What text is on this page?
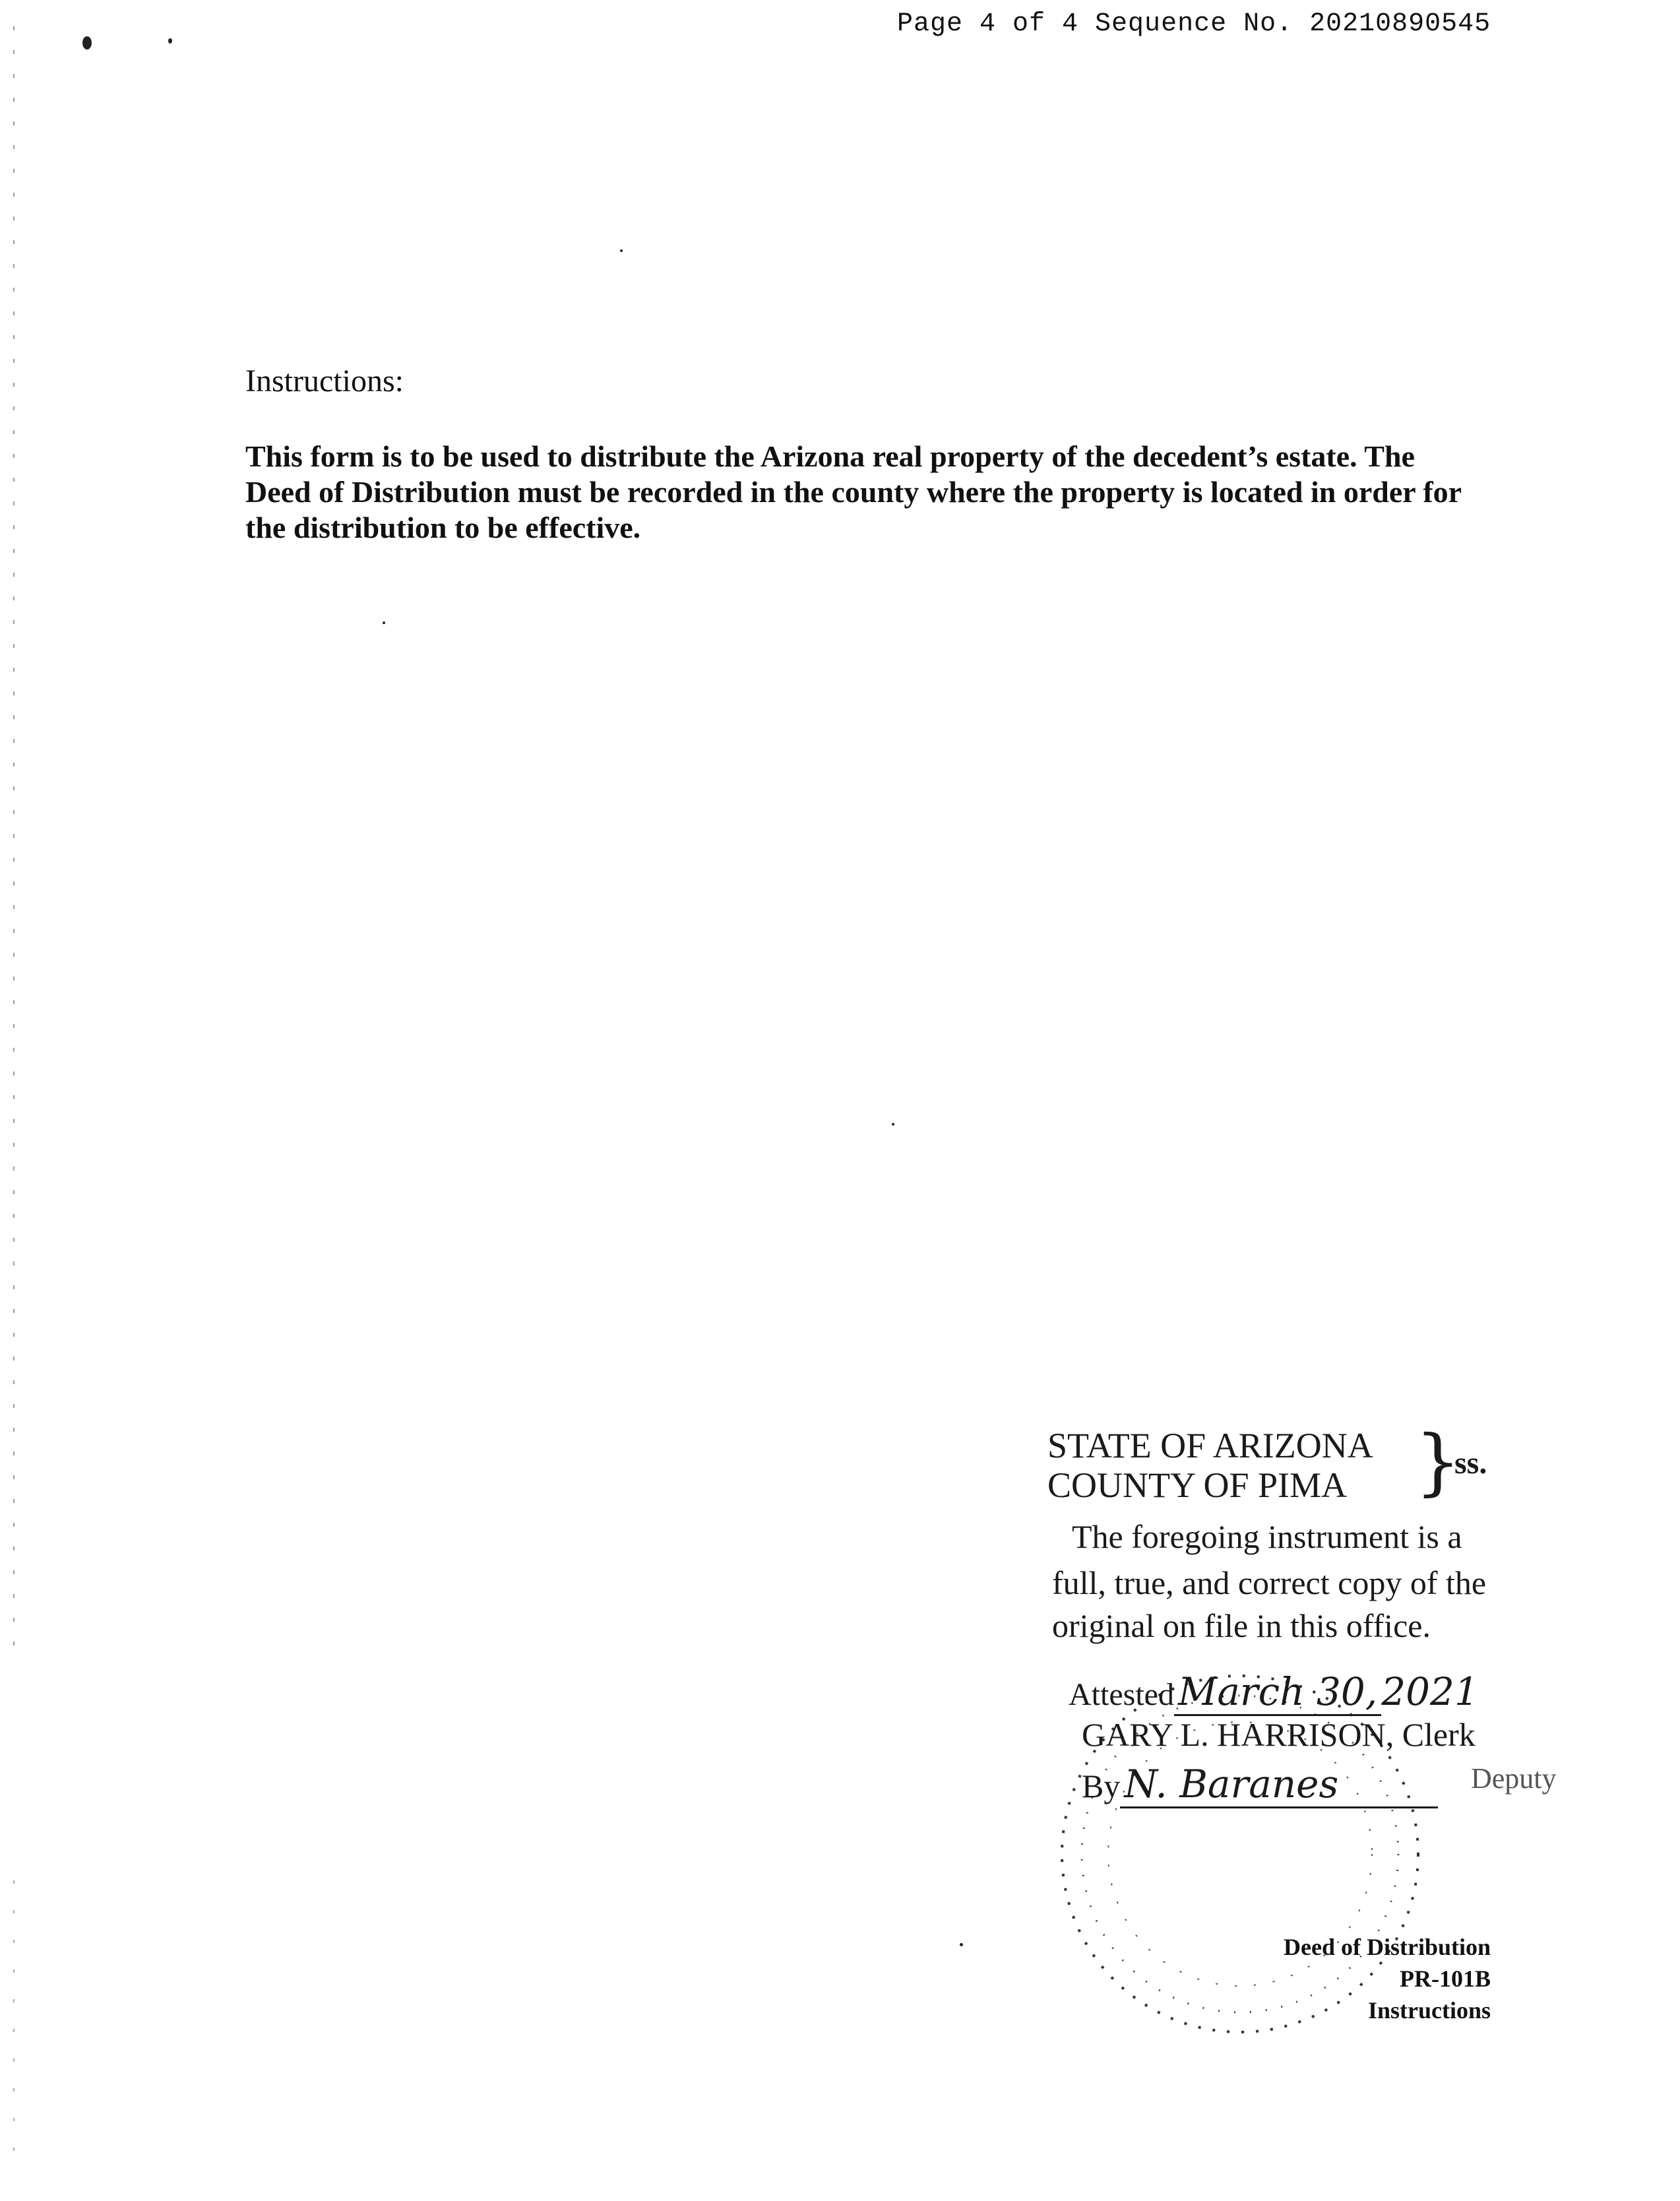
Page 4 of 4 Sequence No. 20210890545
Instructions:
This form is to be used to distribute the Arizona real property of the decedent’s estate. The
Deed of Distribution must be recorded in the county where the property is located in order for
the distribution to be effective.
STATE OF ARIZONA
COUNTY OF PIMA }
ss.
The foregoing instrument is a
full, true, and correct copy of the
original on file in this office.
Attested March 30, 2021
GARY L. HARRISON, Clerk
By N. Baranes	Deputy
Deed of Distribution
PR-101B
Instructions
